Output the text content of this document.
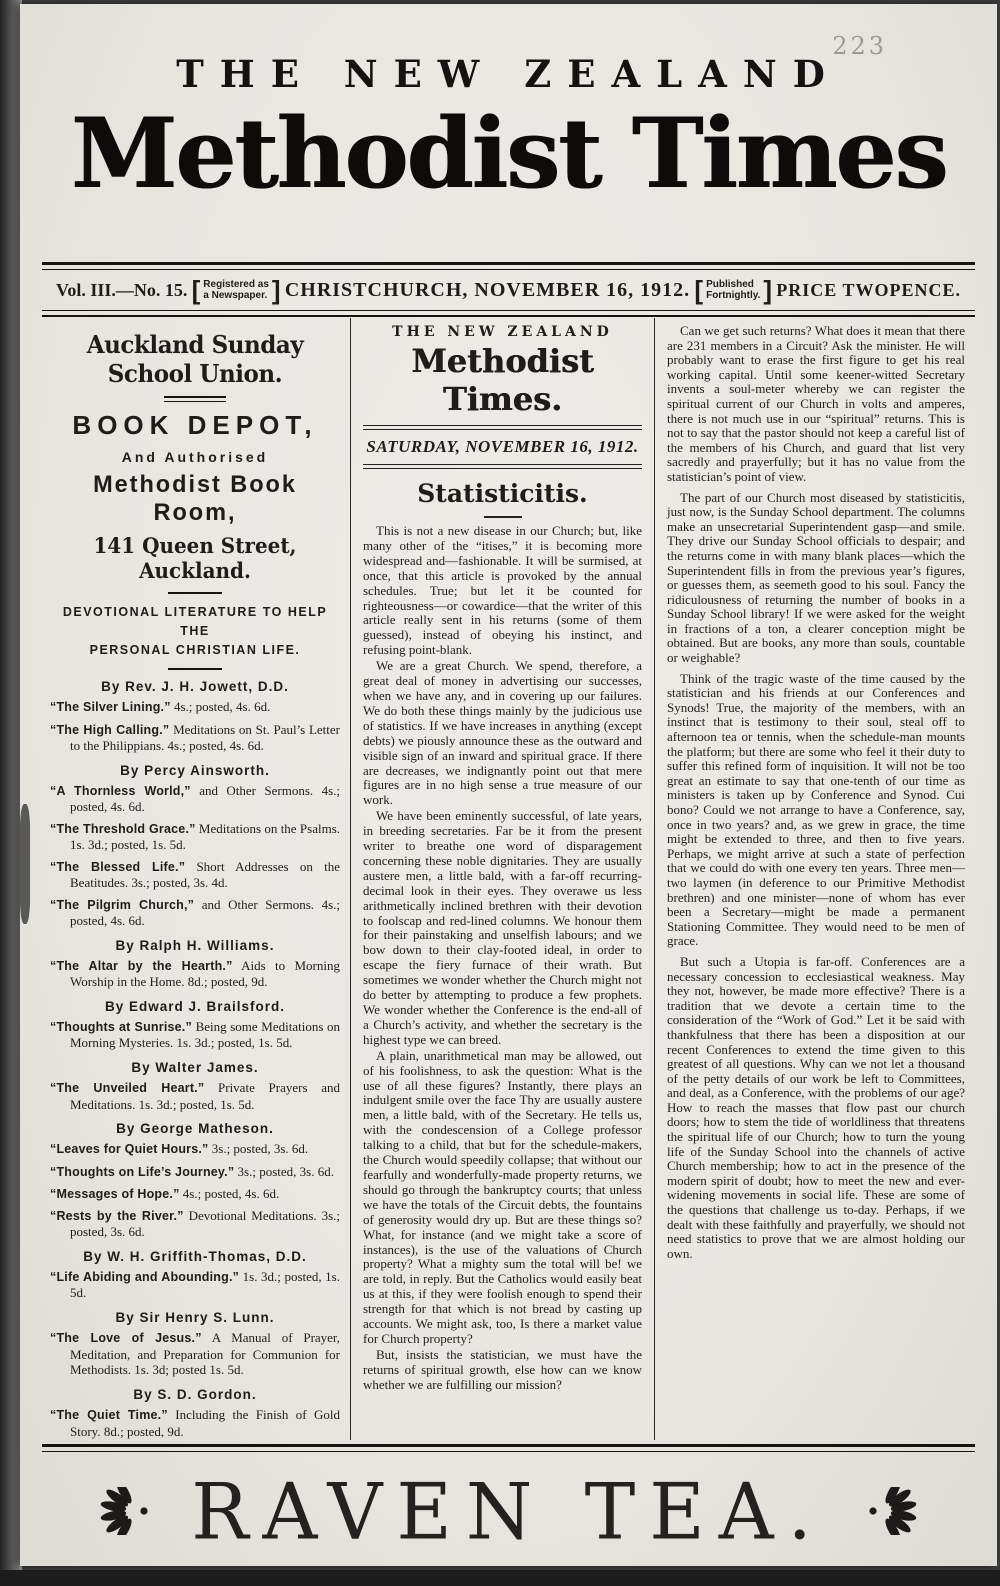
223
THE NEW ZEALAND
Methodist Times
Vol. III.—No. 15. [ Registered as
a Newspaper. ] CHRISTCHURCH, NOVEMBER 16, 1912. [ Published
Fortnightly. ] PRICE TWOPENCE.
Auckland Sunday School Union.
BOOK DEPOT,
And Authorised
Methodist Book Room,
141 Queen Street, Auckland.
DEVOTIONAL LITERATURE TO HELP THE
PERSONAL CHRISTIAN LIFE.
By Rev. J. H. Jowett, D.D.

“The Silver Lining.” 4s.; posted, 4s. 6d.

“The High Calling.” Meditations on St. Paul’s Letter to the Philippians. 4s.; posted, 4s. 6d.

By Percy Ainsworth.

“A Thornless World,” and Other Sermons. 4s.; posted, 4s. 6d.

“The Threshold Grace.” Meditations on the Psalms. 1s. 3d.; posted, 1s. 5d.

“The Blessed Life.” Short Addresses on the Beatitudes. 3s.; posted, 3s. 4d.

“The Pilgrim Church,” and Other Sermons. 4s.; posted, 4s. 6d.

By Ralph H. Williams.

“The Altar by the Hearth.” Aids to Morning Worship in the Home. 8d.; posted, 9d.

By Edward J. Brailsford.

“Thoughts at Sunrise.” Being some Meditations on Morning Mysteries. 1s. 3d.; posted, 1s. 5d.

By Walter James.

“The Unveiled Heart.” Private Prayers and Meditations. 1s. 3d.; posted, 1s. 5d.

By George Matheson.

“Leaves for Quiet Hours.” 3s.; posted, 3s. 6d.

“Thoughts on Life’s Journey.” 3s.; posted, 3s. 6d.

“Messages of Hope.” 4s.; posted, 4s. 6d.

“Rests by the River.” Devotional Meditations. 3s.; posted, 3s. 6d.

By W. H. Griffith-Thomas, D.D.

“Life Abiding and Abounding.” 1s. 3d.; posted, 1s. 5d.

By Sir Henry S. Lunn.

“The Love of Jesus.” A Manual of Prayer, Meditation, and Preparation for Communion for Methodists. 1s. 3d; posted 1s. 5d.

By S. D. Gordon.

“The Quiet Time.” Including the Finish of Gold Story. 8d.; posted, 9d.

THE NEW ZEALAND
Methodist Times.
SATURDAY, NOVEMBER 16, 1912.
Statisticitis.

This is not a new disease in our Church; but, like many other of the “itises,” it is becoming more widespread and—fashionable. It will be surmised, at once, that this article is provoked by the annual schedules. True; but let it be counted for righteousness—or cowardice—that the writer of this article really sent in his returns (some of them guessed), instead of obeying his instinct, and refusing point-blank.

We are a great Church. We spend, therefore, a great deal of money in advertising our successes, when we have any, and in covering up our failures. We do both these things mainly by the judicious use of statistics. If we have increases in anything (except debts) we piously announce these as the outward and visible sign of an inward and spiritual grace. If there are decreases, we indignantly point out that mere figures are in no high sense a true measure of our work.

We have been eminently successful, of late years, in breeding secretaries. Far be it from the present writer to breathe one word of disparagement concerning these noble dignitaries. They are usually austere men, a little bald, with a far-off recurring-decimal look in their eyes. They overawe us less arithmetically inclined brethren with their devotion to foolscap and red-lined columns. We honour them for their painstaking and unselfish labours; and we bow down to their clay-footed ideal, in order to escape the fiery furnace of their wrath. But sometimes we wonder whether the Church might not do better by attempting to produce a few prophets. We wonder whether the Conference is the end-all of a Church’s activity, and whether the secretary is the highest type we can breed.

A plain, unarithmetical man may be allowed, out of his foolishness, to ask the question: What is the use of all these figures? Instantly, there plays an indulgent smile over the face Thy are usually austere men, a little bald, with of the Secretary. He tells us, with the condescension of a College professor talking to a child, that but for the schedule-makers, the Church would speedily collapse; that without our fearfully and wonderfully-made property returns, we should go through the bankruptcy courts; that unless we have the totals of the Circuit debts, the fountains of generosity would dry up. But are these things so? What, for instance (and we might take a score of instances), is the use of the valuations of Church property? What a mighty sum the total will be! we are told, in reply. But the Catholics would easily beat us at this, if they were foolish enough to spend their strength for that which is not bread by casting up accounts. We might ask, too, Is there a market value for Church property?

But, insists the statistician, we must have the returns of spiritual growth, else how can we know whether we are fulfilling our mission?

Can we get such returns? What does it mean that there are 231 members in a Circuit? Ask the minister. He will probably want to erase the first figure to get his real working capital. Until some keener-witted Secretary invents a soul-meter whereby we can register the spiritual current of our Church in volts and amperes, there is not much use in our “spiritual” returns. This is not to say that the pastor should not keep a careful list of the members of his Church, and guard that list very sacredly and prayerfully; but it has no value from the statistician’s point of view.

The part of our Church most diseased by statisticitis, just now, is the Sunday School department. The columns make an unsecretarial Superintendent gasp—and smile. They drive our Sunday School officials to despair; and the returns come in with many blank places—which the Superintendent fills in from the previous year’s figures, or guesses them, as seemeth good to his soul. Fancy the ridiculousness of returning the number of books in a Sunday School library! If we were asked for the weight in fractions of a ton, a clearer conception might be obtained. But are books, any more than souls, countable or weighable?

Think of the tragic waste of the time caused by the statistician and his friends at our Conferences and Synods! True, the majority of the members, with an instinct that is testimony to their soul, steal off to afternoon tea or tennis, when the schedule-man mounts the platform; but there are some who feel it their duty to suffer this refined form of inquisition. It will not be too great an estimate to say that one-tenth of our time as ministers is taken up by Conference and Synod. Cui bono? Could we not arrange to have a Conference, say, once in two years? and, as we grew in grace, the time might be extended to three, and then to five years. Perhaps, we might arrive at such a state of perfection that we could do with one every ten years. Three men—two laymen (in deference to our Primitive Methodist brethren) and one minister—none of whom has ever been a Secretary—might be made a permanent Stationing Committee. They would need to be men of grace.

But such a Utopia is far-off. Conferences are a necessary concession to ecclesiastical weakness. May they not, however, be made more effective? There is a tradition that we devote a certain time to the consideration of the “Work of God.” Let it be said with thankfulness that there has been a disposition at our recent Conferences to extend the time given to this greatest of all questions. Why can we not let a thousand of the petty details of our work be left to Committees, and deal, as a Conference, with the problems of our age? How to reach the masses that flow past our church doors; how to stem the tide of worldliness that threatens the spiritual life of our Church; how to turn the young life of the Sunday School into the channels of active Church membership; how to act in the presence of the modern spirit of doubt; how to meet the new and ever-widening movements in social life. These are some of the questions that challenge us to-day. Perhaps, if we dealt with these faithfully and prayerfully, we should not need statistics to prove that we are almost holding our own.

RAVEN TEA.
